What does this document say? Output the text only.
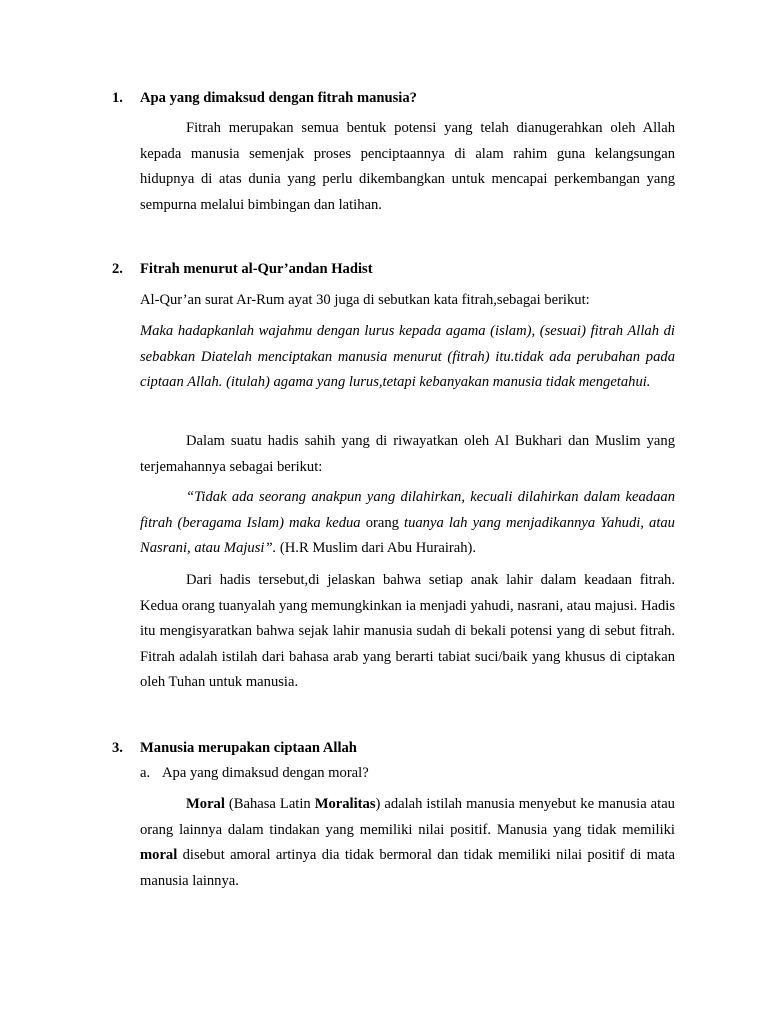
1. Apa yang dimaksud dengan fitrah manusia?

Fitrah merupakan semua bentuk potensi yang telah dianugerahkan oleh Allah kepada manusia semenjak proses penciptaannya di alam rahim guna kelangsungan hidupnya di atas dunia yang perlu dikembangkan untuk mencapai perkembangan yang sempurna melalui bimbingan dan latihan.

2. Fitrah menurut al-Qur’andan Hadist
Al-Qur’an surat Ar-Rum ayat 30 juga di sebutkan kata fitrah,sebagai berikut:

Maka hadapkanlah wajahmu dengan lurus kepada agama (islam), (sesuai) fitrah Allah di sebabkan Diatelah menciptakan manusia menurut (fitrah) itu.tidak ada perubahan pada ciptaan Allah. (itulah) agama yang lurus,tetapi kebanyakan manusia tidak mengetahui.

Dalam suatu hadis sahih yang di riwayatkan oleh Al Bukhari dan Muslim yang terjemahannya sebagai berikut:

“Tidak ada seorang anakpun yang dilahirkan, kecuali dilahirkan dalam keadaan fitrah (beragama Islam) maka kedua orang tuanya lah yang menjadikannya Yahudi, atau Nasrani, atau Majusi”. (H.R Muslim dari Abu Hurairah).

Dari hadis tersebut,di jelaskan bahwa setiap anak lahir dalam keadaan fitrah. Kedua orang tuanyalah yang memungkinkan ia menjadi yahudi, nasrani, atau majusi. Hadis itu mengisyaratkan bahwa sejak lahir manusia sudah di bekali potensi yang di sebut fitrah. Fitrah adalah istilah dari bahasa arab yang berarti tabiat suci/baik yang khusus di ciptakan oleh Tuhan untuk manusia.

3. Manusia merupakan ciptaan Allah
a. Apa yang dimaksud dengan moral?

Moral (Bahasa Latin Moralitas) adalah istilah manusia menyebut ke manusia atau orang lainnya dalam tindakan yang memiliki nilai positif. Manusia yang tidak memiliki moral disebut amoral artinya dia tidak bermoral dan tidak memiliki nilai positif di mata manusia lainnya.
